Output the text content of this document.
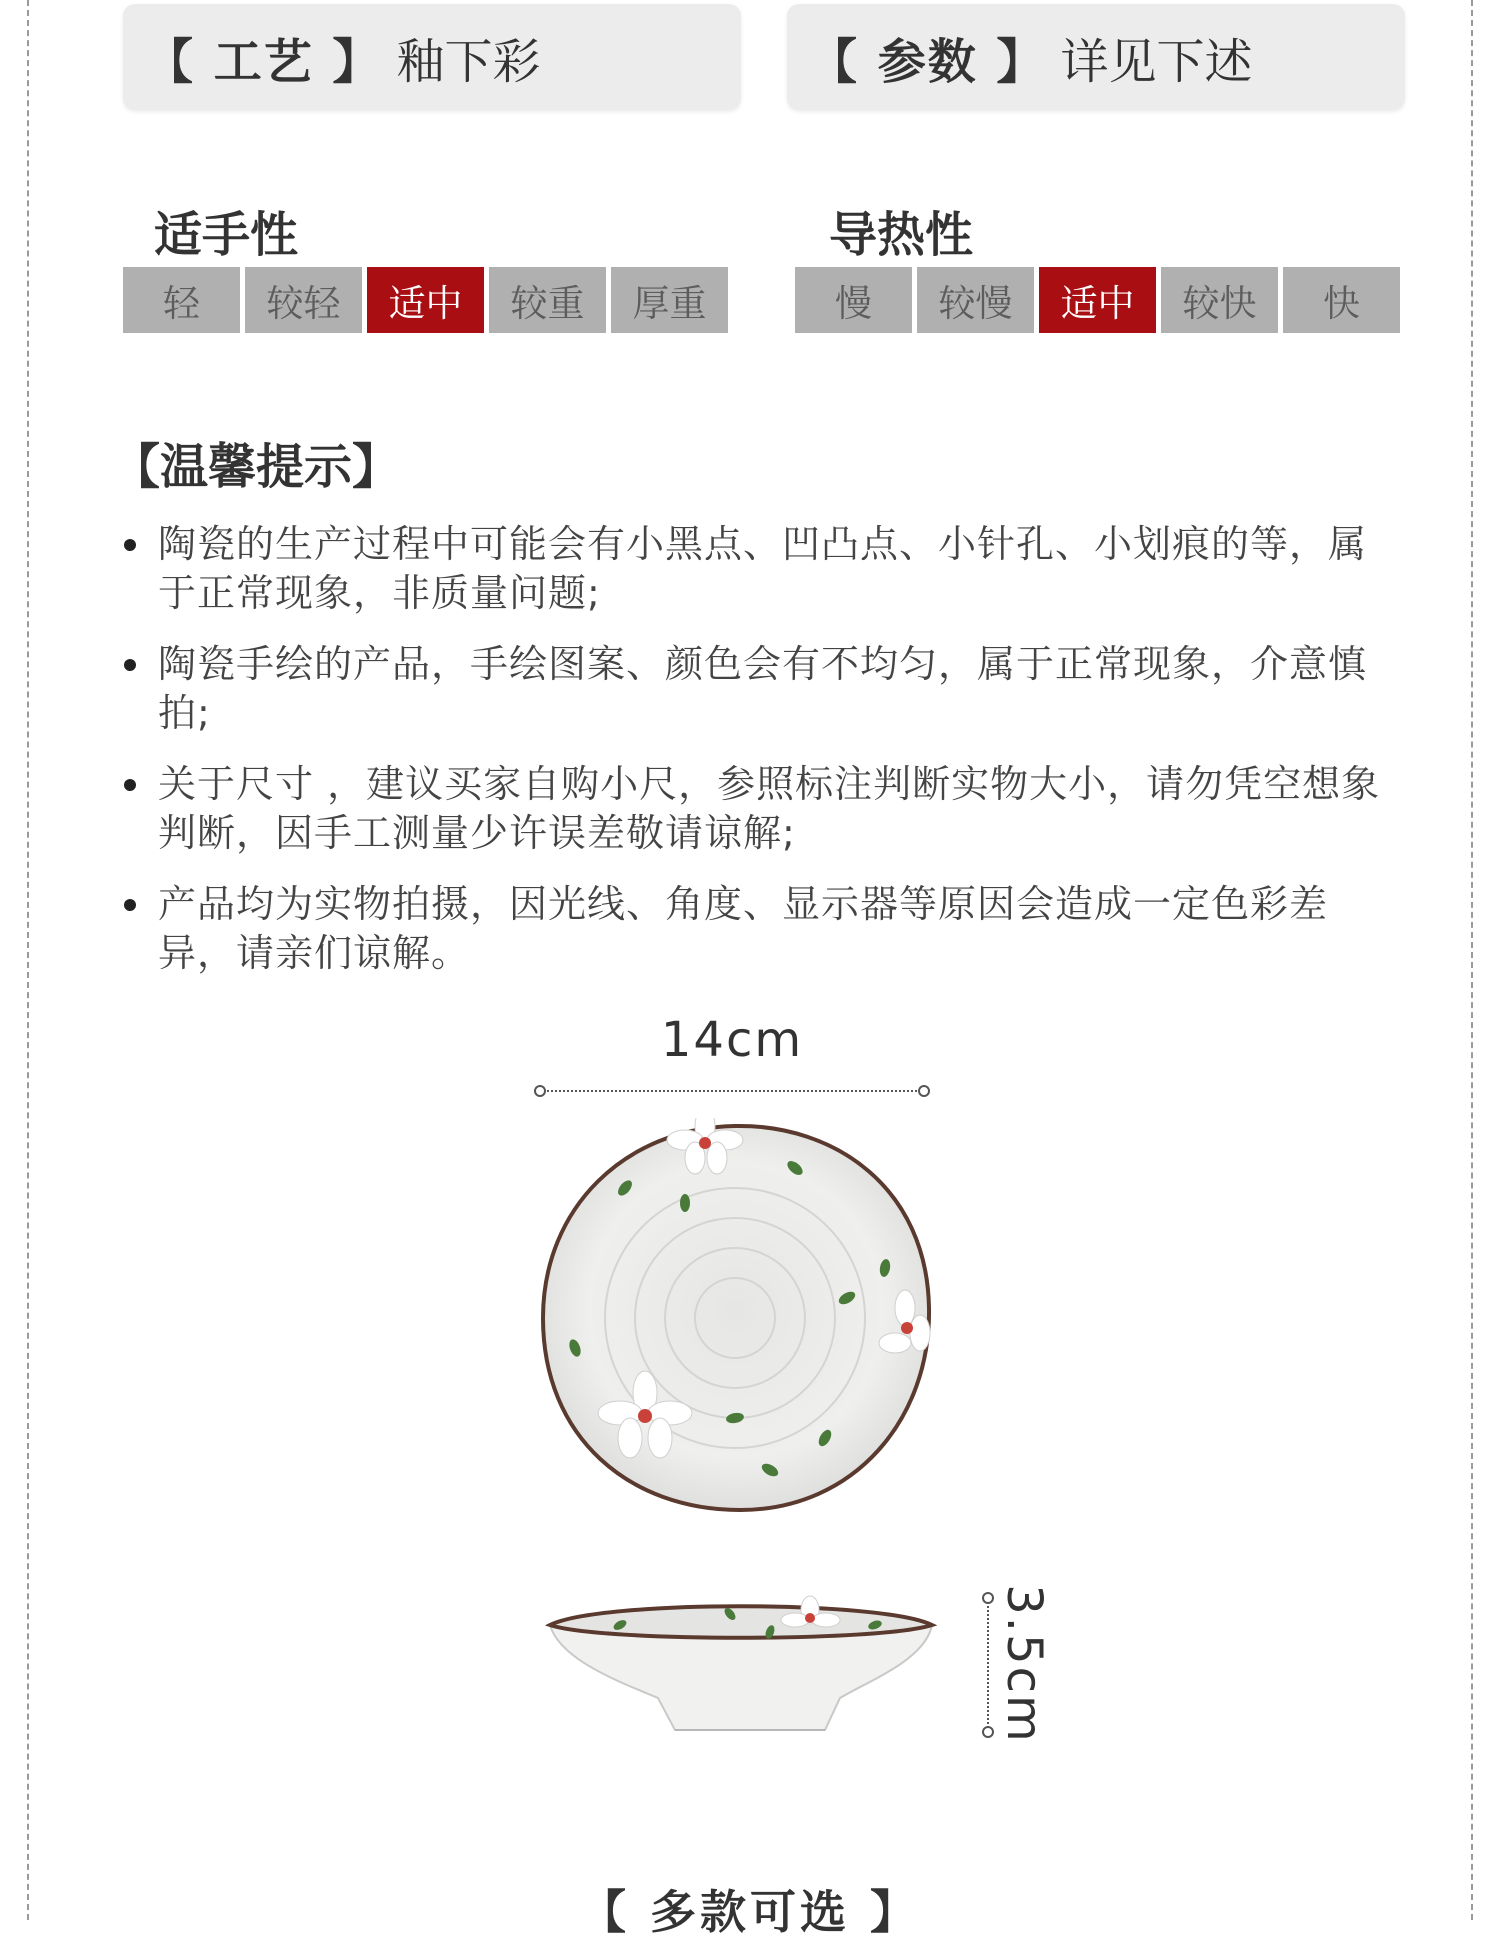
【 工艺 】 釉下彩	【 参数 】 详见下述
适手性
轻	较轻	适中	较重	厚重
导热性
慢	较慢	适中	较快	快
【温馨提示】
陶瓷的生产过程中可能会有小黑点、凹凸点、小针孔、小划痕的等，属于正常现象，非质量问题;
陶瓷手绘的产品，手绘图案、颜色会有不均匀，属于正常现象，介意慎拍;
关于尺寸 ，建议买家自购小尺，参照标注判断实物大小，请勿凭空想象判断，因手工测量少许误差敬请谅解;
产品均为实物拍摄，因光线、角度、显示器等原因会造成一定色彩差异，请亲们谅解。
14cm
3.5cm
【 多款可选 】
